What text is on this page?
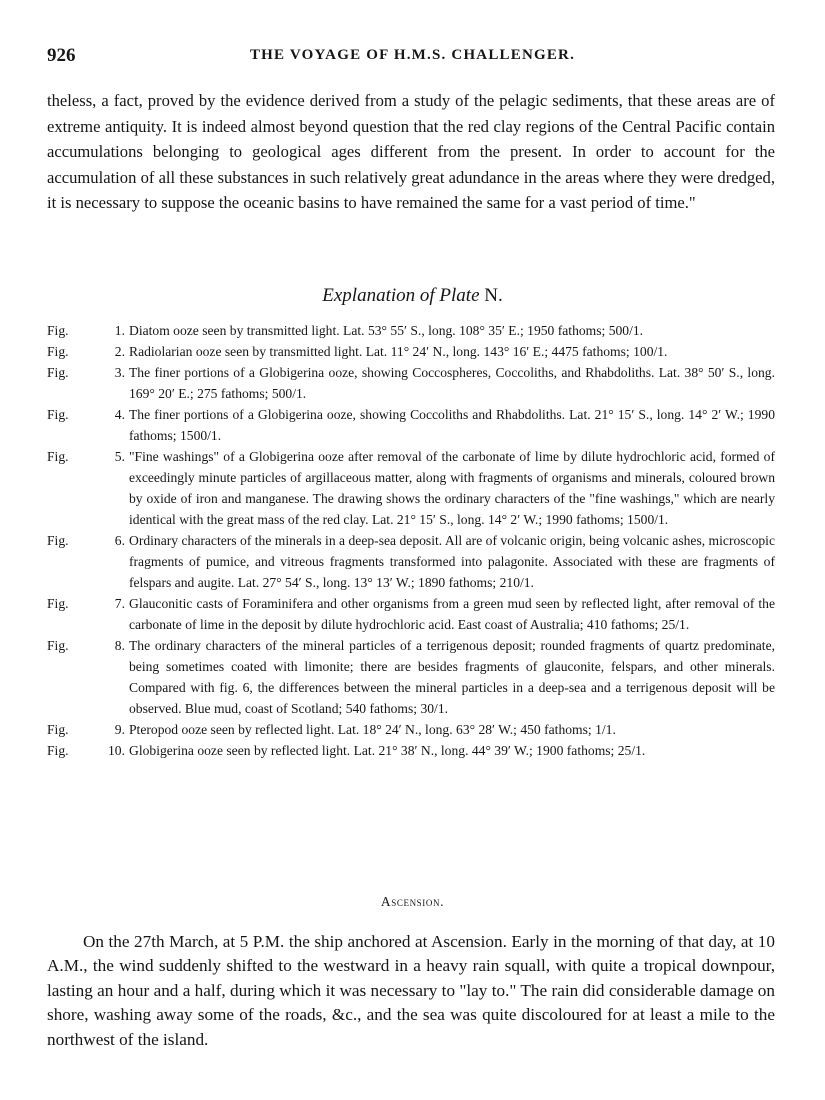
926	THE VOYAGE OF H.M.S. CHALLENGER.

theless, a fact, proved by the evidence derived from a study of the pelagic sediments, that these areas are of extreme antiquity. It is indeed almost beyond question that the red clay regions of the Central Pacific contain accumulations belonging to geological ages different from the present. In order to account for the accumulation of all these substances in such relatively great adundance in the areas where they were dredged, it is necessary to suppose the oceanic basins to have remained the same for a vast period of time."

Explanation of Plate N.

Fig.	1. Diatom ooze seen by transmitted light. Lat. 53° 55′ S., long. 108° 35′ E.; 1950 fathoms; 500/1.

Fig.	2. Radiolarian ooze seen by transmitted light. Lat. 11° 24′ N., long. 143° 16′ E.; 4475 fathoms; 100/1.

Fig.	3. The finer portions of a Globigerina ooze, showing Coccospheres, Coccoliths, and Rhabdoliths. Lat. 38° 50′ S., long. 169° 20′ E.; 275 fathoms; 500/1.

Fig.	4. The finer portions of a Globigerina ooze, showing Coccoliths and Rhabdoliths. Lat. 21° 15′ S., long. 14° 2′ W.; 1990 fathoms; 1500/1.

Fig.	5. "Fine washings" of a Globigerina ooze after removal of the carbonate of lime by dilute hydrochloric acid, formed of exceedingly minute particles of argillaceous matter, along with fragments of organisms and minerals, coloured brown by oxide of iron and manganese. The drawing shows the ordinary characters of the "fine washings," which are nearly identical with the great mass of the red clay. Lat. 21° 15′ S., long. 14° 2′ W.; 1990 fathoms; 1500/1.

Fig.	6. Ordinary characters of the minerals in a deep-sea deposit. All are of volcanic origin, being volcanic ashes, microscopic fragments of pumice, and vitreous fragments transformed into palagonite. Associated with these are fragments of felspars and augite. Lat. 27° 54′ S., long. 13° 13′ W.; 1890 fathoms; 210/1.

Fig.	7. Glauconitic casts of Foraminifera and other organisms from a green mud seen by reflected light, after removal of the carbonate of lime in the deposit by dilute hydrochloric acid. East coast of Australia; 410 fathoms; 25/1.

Fig.	8. The ordinary characters of the mineral particles of a terrigenous deposit; rounded fragments of quartz predominate, being sometimes coated with limonite; there are besides fragments of glauconite, felspars, and other minerals. Compared with fig. 6, the differences between the mineral particles in a deep-sea and a terrigenous deposit will be observed. Blue mud, coast of Scotland; 540 fathoms; 30/1.

Fig.	9. Pteropod ooze seen by reflected light. Lat. 18° 24′ N., long. 63° 28′ W.; 450 fathoms; 1/1.

Fig.	10. Globigerina ooze seen by reflected light. Lat. 21° 38′ N., long. 44° 39′ W.; 1900 fathoms; 25/1.

Ascension.

On the 27th March, at 5 P.M. the ship anchored at Ascension. Early in the morning of that day, at 10 A.M., the wind suddenly shifted to the westward in a heavy rain squall, with quite a tropical downpour, lasting an hour and a half, during which it was necessary to "lay to." The rain did considerable damage on shore, washing away some of the roads, &c., and the sea was quite discoloured for at least a mile to the northwest of the island.
